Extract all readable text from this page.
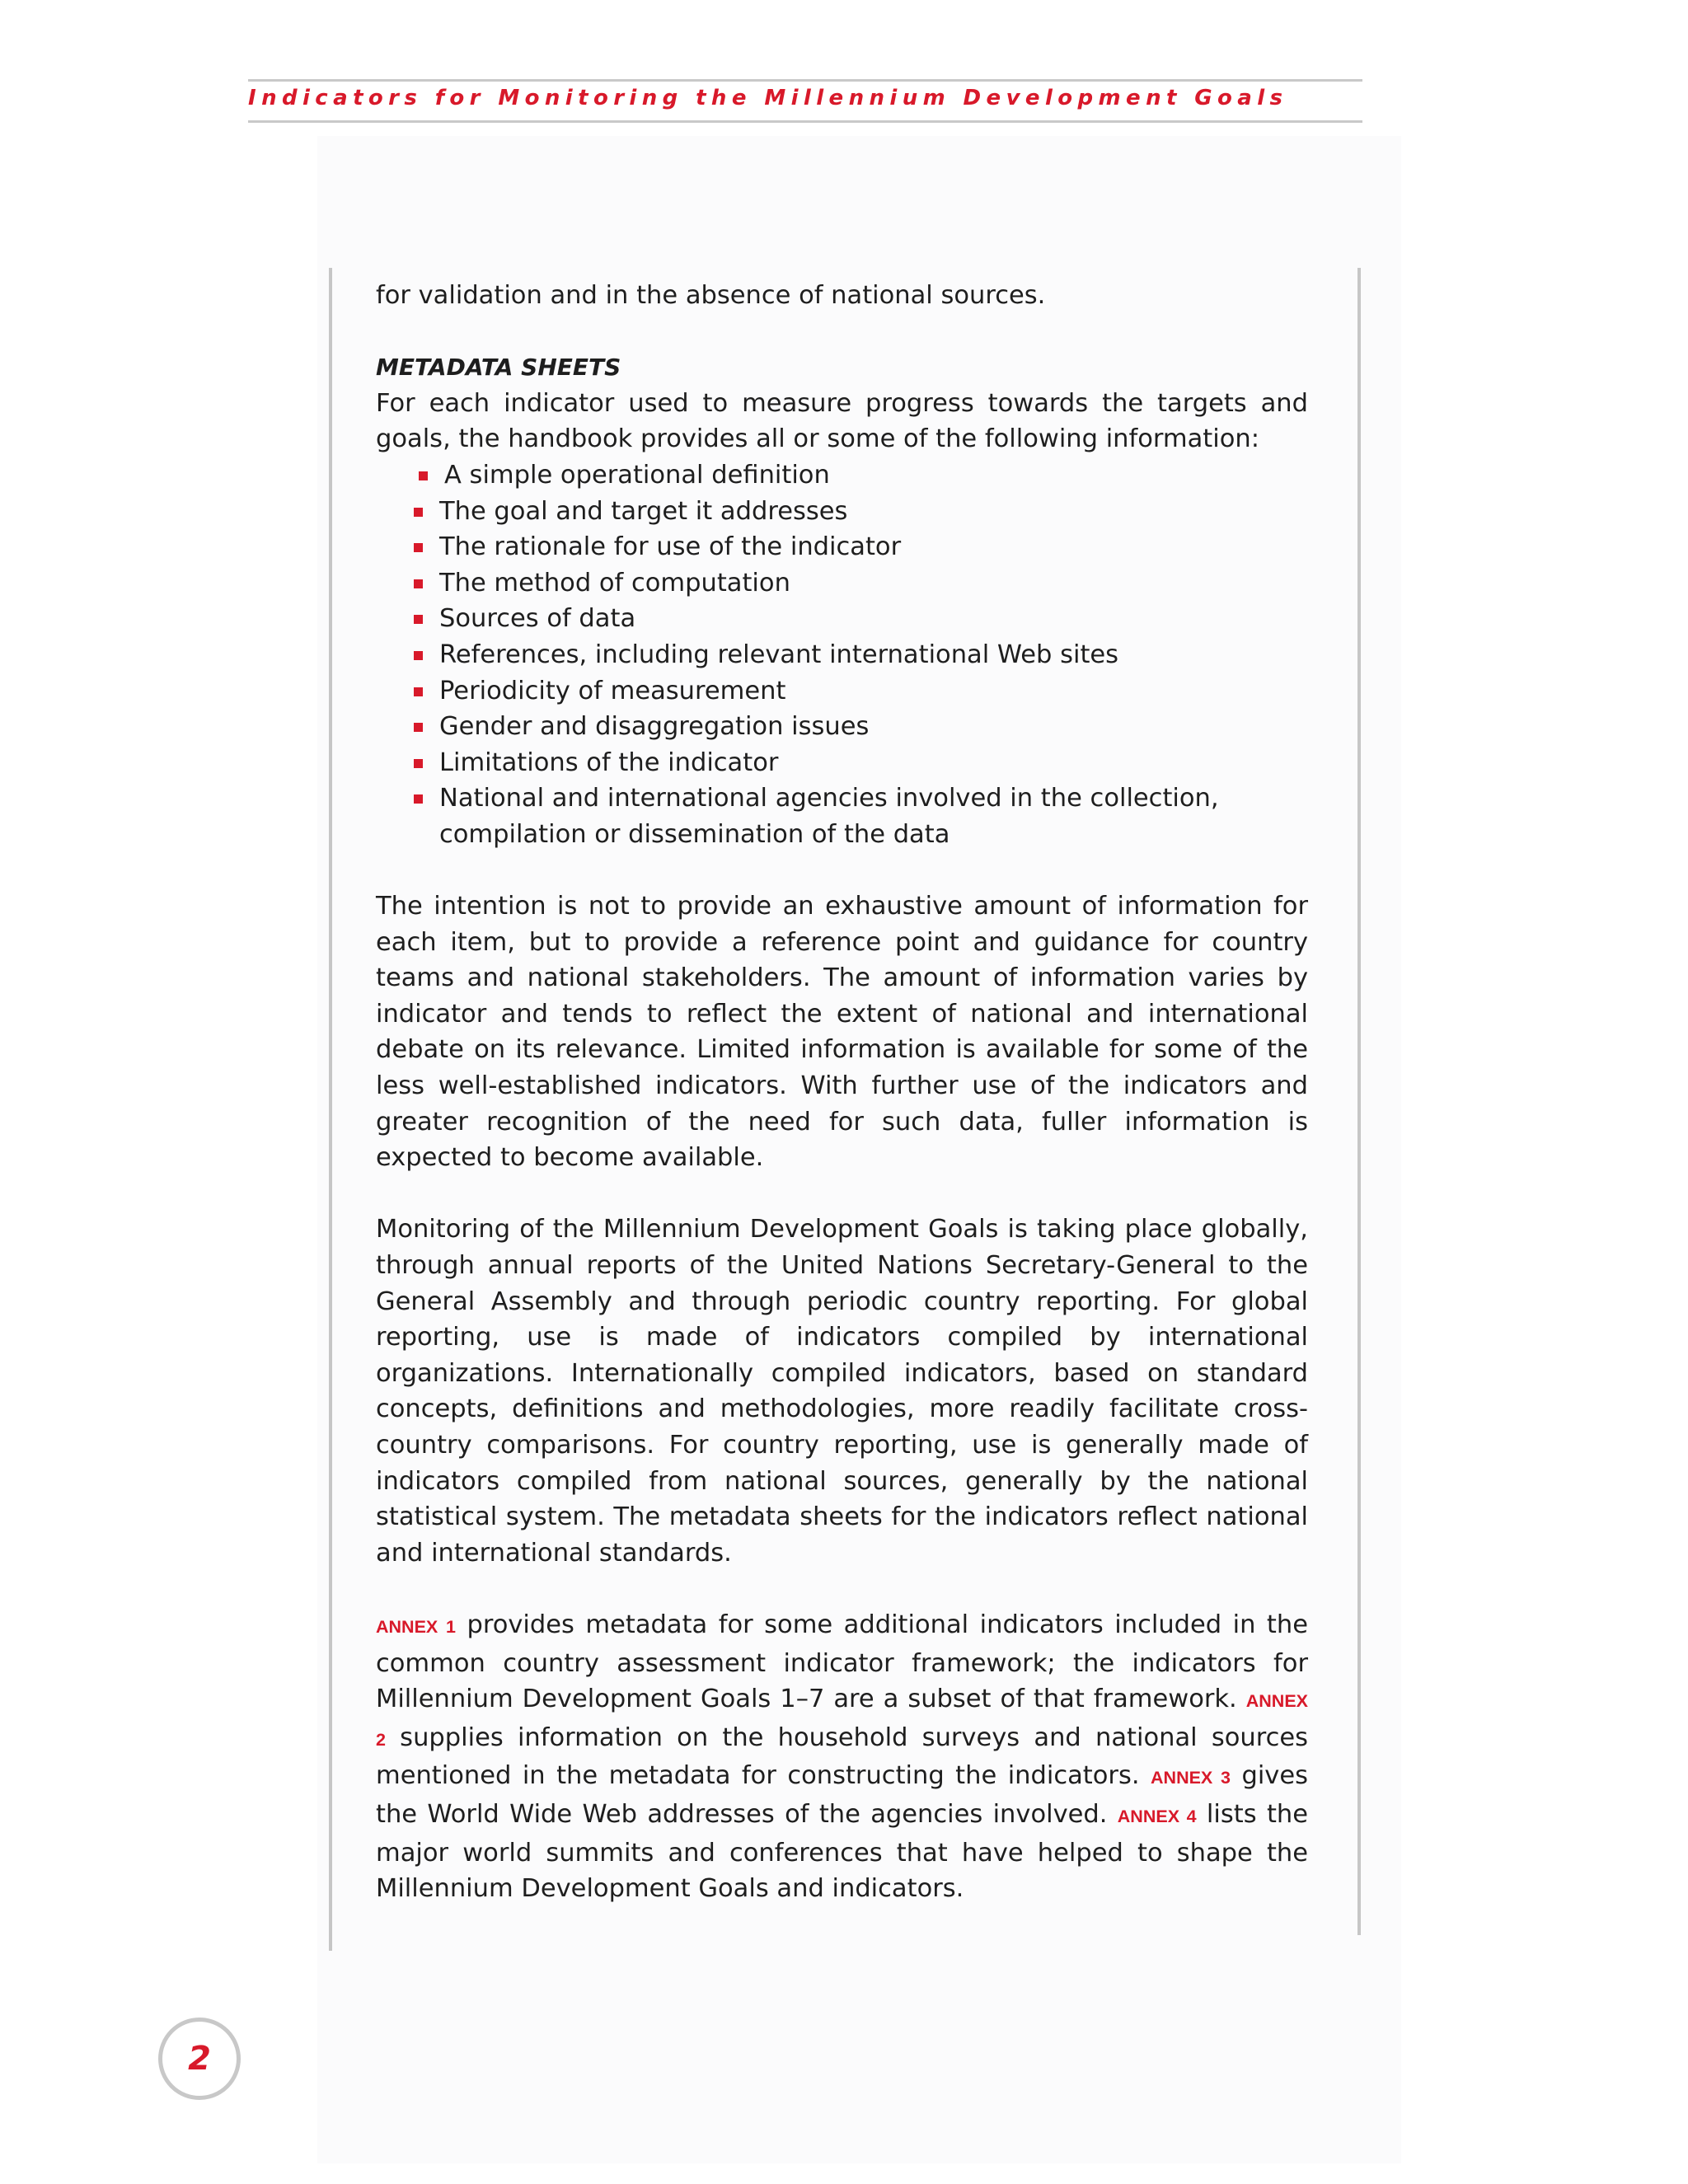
Indicators for Monitoring the Millennium Development Goals

for validation and in the absence of national sources.

METADATA SHEETS

For each indicator used to measure progress towards the targets and goals, the handbook provides all or some of the following information:

A simple operational definition
The goal and target it addresses
The rationale for use of the indicator
The method of computation
Sources of data
References, including relevant international Web sites
Periodicity of measurement
Gender and disaggregation issues
Limitations of the indicator
National and international agencies involved in the collection, compilation or dissemination of the data

The intention is not to provide an exhaustive amount of information for each item, but to provide a reference point and guidance for country teams and national stakeholders. The amount of information varies by indicator and tends to reflect the extent of national and international debate on its relevance. Limited information is available for some of the less well-established indicators. With further use of the indicators and greater recognition of the need for such data, fuller information is expected to become available.

Monitoring of the Millennium Development Goals is taking place globally, through annual reports of the United Nations Secretary-General to the General Assembly and through periodic country reporting. For global reporting, use is made of indicators compiled by international organizations. Internationally compiled indicators, based on standard concepts, definitions and methodologies, more readily facilitate cross-country comparisons. For country reporting, use is generally made of indicators compiled from national sources, generally by the national statistical system. The metadata sheets for the indicators reflect national and international standards.

ANNEX 1 provides metadata for some additional indicators included in the common country assessment indicator framework; the indicators for Millennium Development Goals 1–7 are a subset of that framework. ANNEX 2 supplies information on the household surveys and national sources mentioned in the metadata for constructing the indicators. ANNEX 3 gives the World Wide Web addresses of the agencies involved. ANNEX 4 lists the major world summits and conferences that have helped to shape the Millennium Development Goals and indicators.

2
